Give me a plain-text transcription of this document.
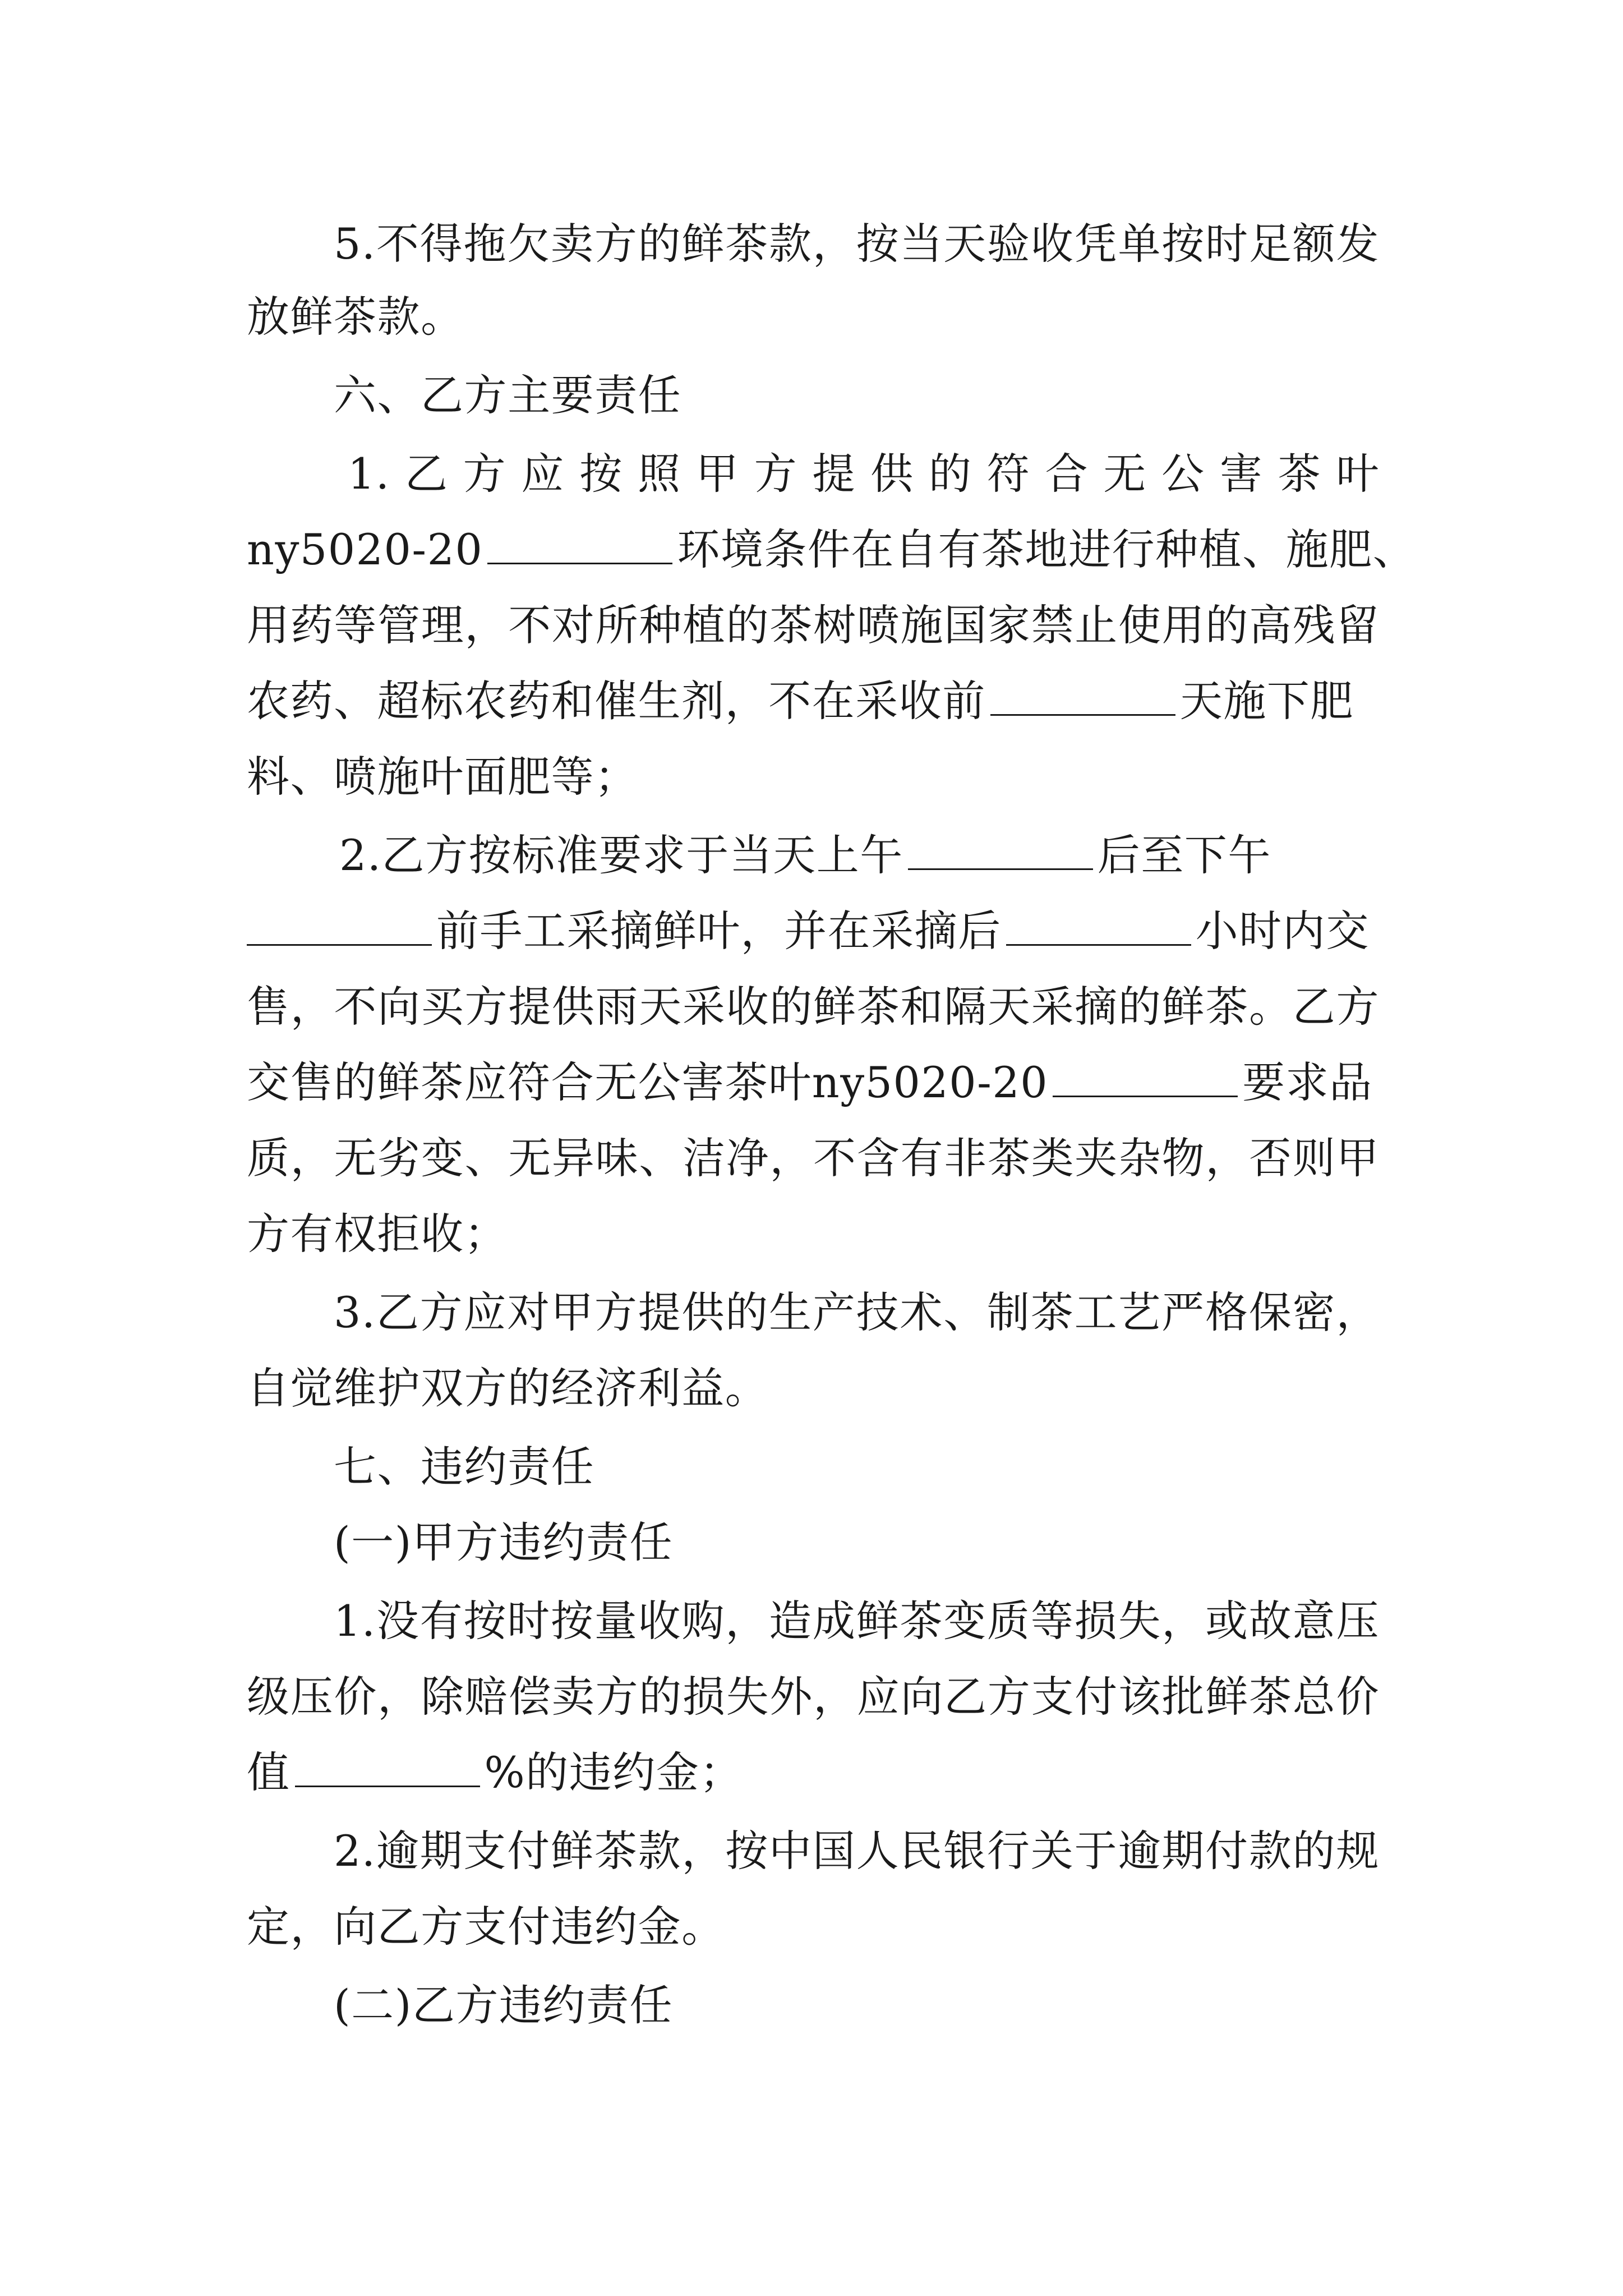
5.不得拖欠卖方的鲜茶款，按当天验收凭单按时足额发
放鲜茶款。
六、乙方主要责任
1.乙方应按照甲方提供的符合无公害茶叶
ny5020-20	环境条件在自有茶地进行种植、施肥、
用药等管理，不对所种植的茶树喷施国家禁止使用的高残留
农药、超标农药和催生剂，不在采收前	天施下肥
料、喷施叶面肥等；
2.乙方按标准要求于当天上午	后至下午
前手工采摘鲜叶，并在采摘后	小时内交
售，不向买方提供雨天采收的鲜茶和隔天采摘的鲜茶。乙方
交售的鲜茶应符合无公害茶叶ny5020-20	要求品
质，无劣变、无异味、洁净，不含有非茶类夹杂物，否则甲
方有权拒收；
3.乙方应对甲方提供的生产技术、制茶工艺严格保密，
自觉维护双方的经济利益。
七、违约责任
(一)甲方违约责任
1.没有按时按量收购，造成鲜茶变质等损失，或故意压
级压价，除赔偿卖方的损失外，应向乙方支付该批鲜茶总价
值	%的违约金；
2.逾期支付鲜茶款，按中国人民银行关于逾期付款的规
定，向乙方支付违约金。
(二)乙方违约责任
